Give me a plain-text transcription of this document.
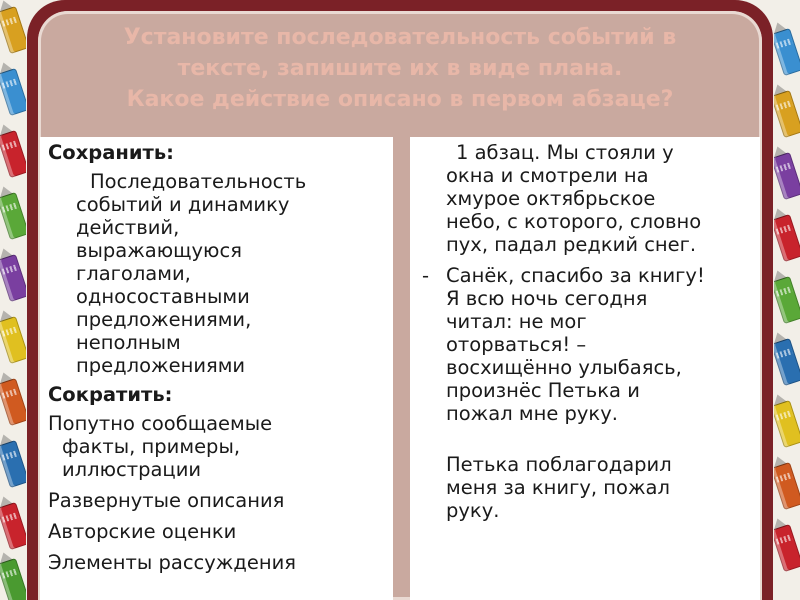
Установите последовательность событий в
тексте, запишите их в виде плана.
Какое действие описано в первом абзаце?
Сохранить:
Последовательность
событий и динамику
действий,
выражающуюся
глаголами,
односоставными
предложениями,
неполным
предложениями
Сократить:
Попутно сообщаемые
факты, примеры,
иллюстрации
Развернутые описания
Авторские оценки
Элементы рассуждения
1 абзац. Мы стояли у
окна и смотрели на
хмурое октябрьское
небо, с которого, словно
пух, падал редкий снег.
- Санёк, спасибо за книгу!
Я всю ночь сегодня
читал: не мог
оторваться! –
восхищённо улыбаясь,
произнёс Петька и
пожал мне руку.
Петька поблагодарил
меня за книгу, пожал
руку.
